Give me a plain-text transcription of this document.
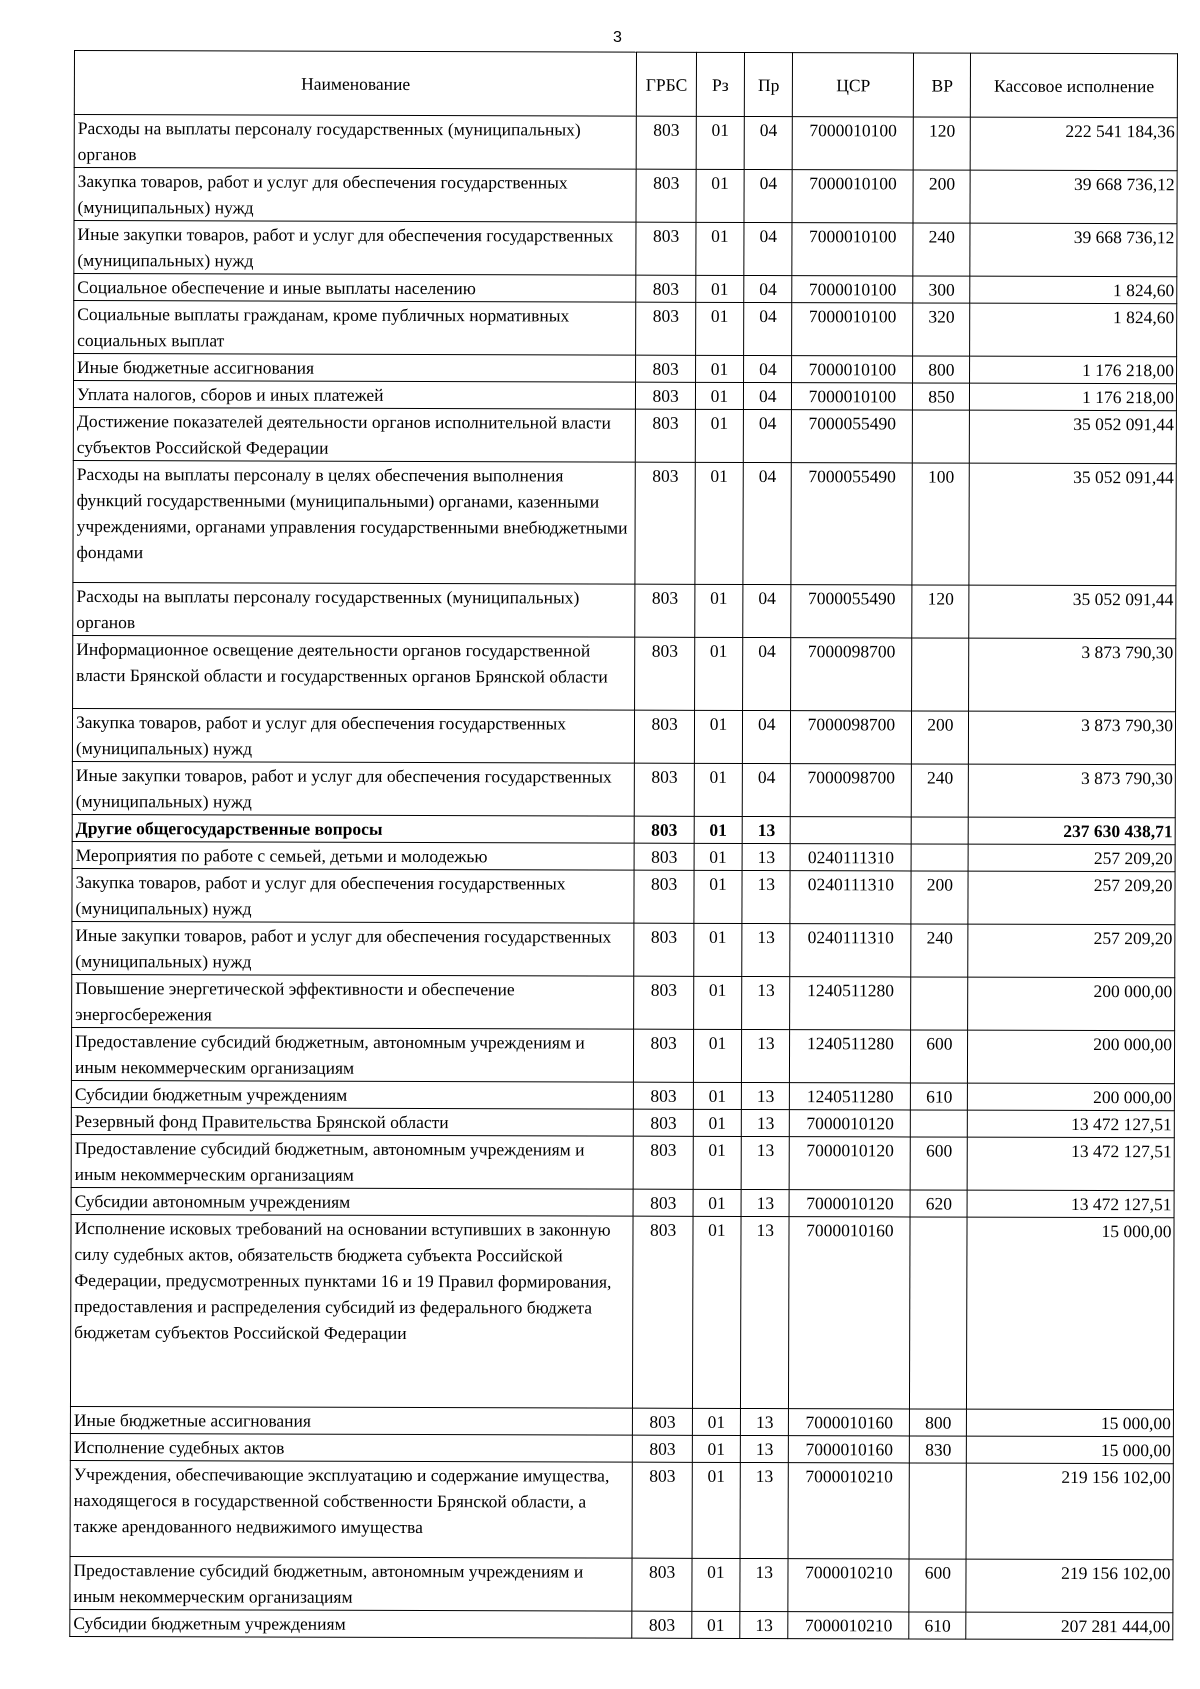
3
Наименование	ГРБС	Рз	Пр	ЦСР	ВР	Кассовое исполнение
Расходы на выплаты персоналу государственных (муниципальных) органов	803	01	04	7000010100	120	222 541 184,36
Закупка товаров, работ и услуг для обеспечения государственных (муниципальных) нужд	803	01	04	7000010100	200	39 668 736,12
Иные закупки товаров, работ и услуг для обеспечения государственных (муниципальных) нужд	803	01	04	7000010100	240	39 668 736,12
Социальное обеспечение и иные выплаты населению	803	01	04	7000010100	300	1 824,60
Социальные выплаты гражданам, кроме публичных нормативных социальных выплат	803	01	04	7000010100	320	1 824,60
Иные бюджетные ассигнования	803	01	04	7000010100	800	1 176 218,00
Уплата налогов, сборов и иных платежей	803	01	04	7000010100	850	1 176 218,00
Достижение показателей деятельности органов исполнительной власти субъектов Российской Федерации	803	01	04	7000055490		35 052 091,44
Расходы на выплаты персоналу в целях обеспечения выполнения функций государственными (муниципальными) органами, казенными учреждениями, органами управления государственными внебюджетными фондами	803	01	04	7000055490	100	35 052 091,44
Расходы на выплаты персоналу государственных (муниципальных) органов	803	01	04	7000055490	120	35 052 091,44
Информационное освещение деятельности органов государственной власти Брянской области и государственных органов Брянской области	803	01	04	7000098700		3 873 790,30
Закупка товаров, работ и услуг для обеспечения государственных (муниципальных) нужд	803	01	04	7000098700	200	3 873 790,30
Иные закупки товаров, работ и услуг для обеспечения государственных (муниципальных) нужд	803	01	04	7000098700	240	3 873 790,30
Другие общегосударственные вопросы	803	01	13			237 630 438,71
Мероприятия по работе с семьей, детьми и молодежью	803	01	13	0240111310		257 209,20
Закупка товаров, работ и услуг для обеспечения государственных (муниципальных) нужд	803	01	13	0240111310	200	257 209,20
Иные закупки товаров, работ и услуг для обеспечения государственных (муниципальных) нужд	803	01	13	0240111310	240	257 209,20
Повышение энергетической эффективности и обеспечение энергосбережения	803	01	13	1240511280		200 000,00
Предоставление субсидий бюджетным, автономным учреждениям и иным некоммерческим организациям	803	01	13	1240511280	600	200 000,00
Субсидии бюджетным учреждениям	803	01	13	1240511280	610	200 000,00
Резервный фонд Правительства Брянской области	803	01	13	7000010120		13 472 127,51
Предоставление субсидий бюджетным, автономным учреждениям и иным некоммерческим организациям	803	01	13	7000010120	600	13 472 127,51
Субсидии автономным учреждениям	803	01	13	7000010120	620	13 472 127,51
Исполнение исковых требований на основании вступивших в законную силу судебных актов, обязательств бюджета субъекта Российской Федерации, предусмотренных пунктами 16 и 19 Правил формирования, предоставления и распределения субсидий из федерального бюджета бюджетам субъектов Российской Федерации	803	01	13	7000010160		15 000,00
Иные бюджетные ассигнования	803	01	13	7000010160	800	15 000,00
Исполнение судебных актов	803	01	13	7000010160	830	15 000,00
Учреждения, обеспечивающие эксплуатацию и содержание имущества, находящегося в государственной собственности Брянской области, а также арендованного недвижимого имущества	803	01	13	7000010210		219 156 102,00
Предоставление субсидий бюджетным, автономным учреждениям и иным некоммерческим организациям	803	01	13	7000010210	600	219 156 102,00
Субсидии бюджетным учреждениям	803	01	13	7000010210	610	207 281 444,00
